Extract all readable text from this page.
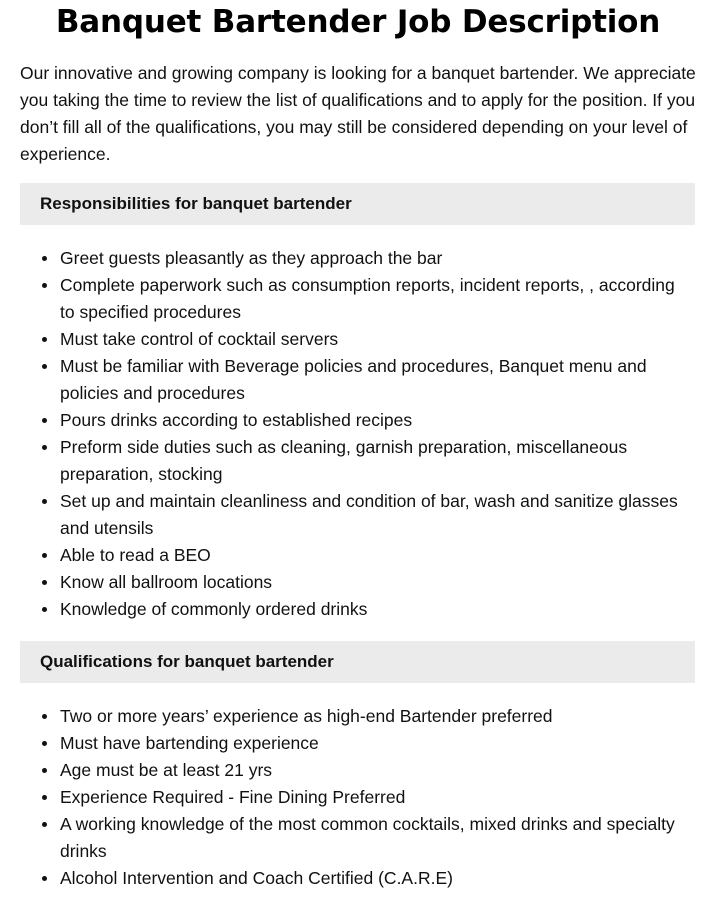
Banquet Bartender Job Description

Our innovative and growing company is looking for a banquet bartender. We appreciate you taking the time to review the list of qualifications and to apply for the position. If you don’t fill all of the qualifications, you may still be considered depending on your level of experience.

Responsibilities for banquet bartender
Greet guests pleasantly as they approach the bar
Complete paperwork such as consumption reports, incident reports, , according to specified procedures
Must take control of cocktail servers
Must be familiar with Beverage policies and procedures, Banquet menu and policies and procedures
Pours drinks according to established recipes
Preform side duties such as cleaning, garnish preparation, miscellaneous preparation, stocking
Set up and maintain cleanliness and condition of bar, wash and sanitize glasses and utensils
Able to read a BEO
Know all ballroom locations
Knowledge of commonly ordered drinks
Qualifications for banquet bartender
Two or more years’ experience as high-end Bartender preferred
Must have bartending experience
Age must be at least 21 yrs
Experience Required - Fine Dining Preferred
A working knowledge of the most common cocktails, mixed drinks and specialty drinks
Alcohol Intervention and Coach Certified (C.A.R.E)
